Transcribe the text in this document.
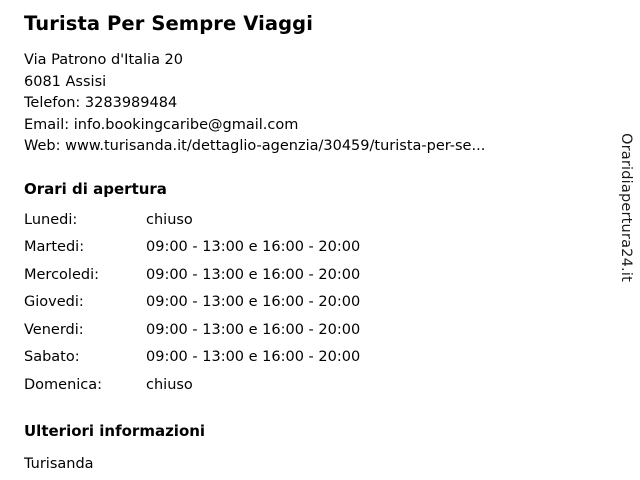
Turista Per Sempre Viaggi
Via Patrono d'Italia 20
6081 Assisi
Telefon: 3283989484
Email: info.bookingcaribe@gmail.com
Web: www.turisanda.it/dettaglio-agenzia/30459/turista-per-se...
Orari di apertura
Lunedi:	chiuso
Martedi:	09:00 - 13:00 e 16:00 - 20:00
Mercoledi:	09:00 - 13:00 e 16:00 - 20:00
Giovedi:	09:00 - 13:00 e 16:00 - 20:00
Venerdi:	09:00 - 13:00 e 16:00 - 20:00
Sabato:	09:00 - 13:00 e 16:00 - 20:00
Domenica:	chiuso
Ulteriori informazioni
Turisanda
Oraridiapertura24.it
